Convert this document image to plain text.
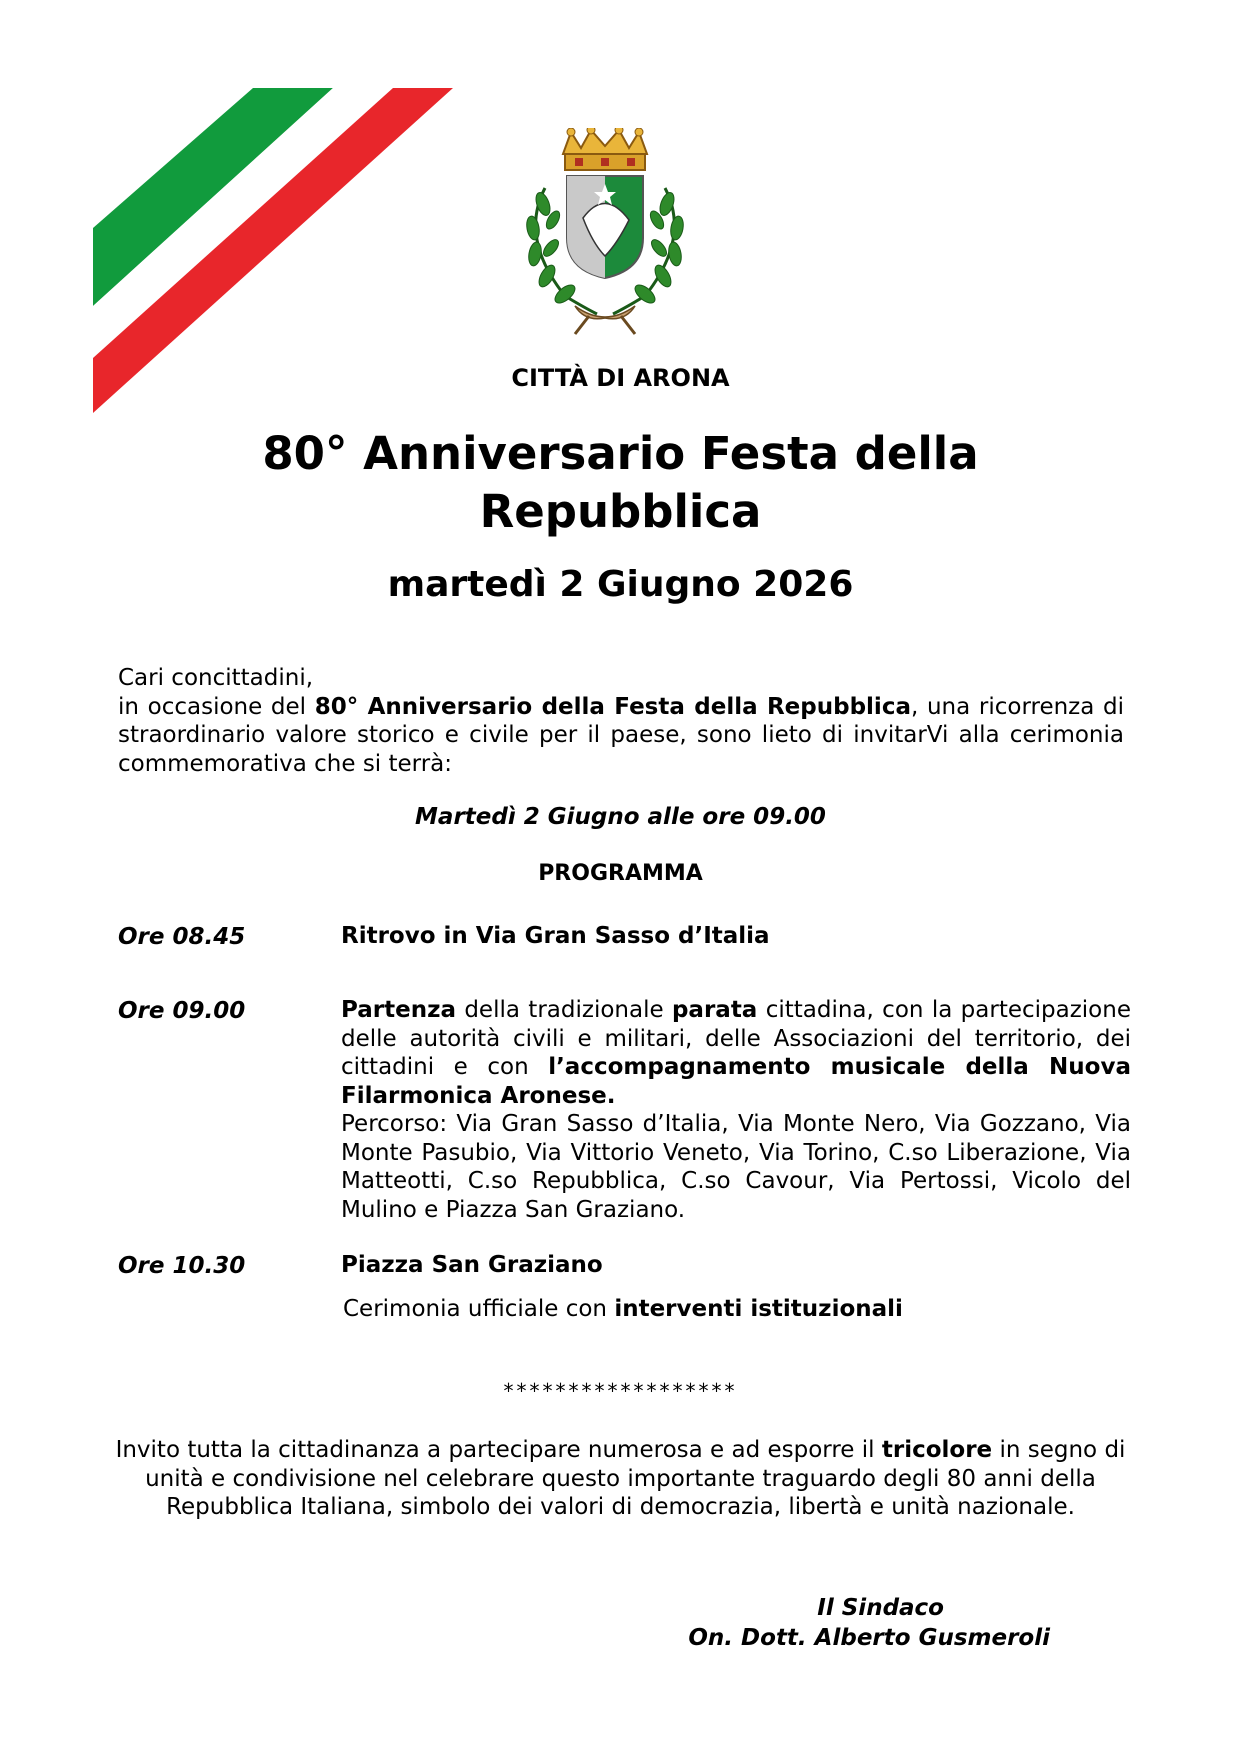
CITTÀ DI ARONA
80° Anniversario Festa della
Repubblica
martedì 2 Giugno 2026
Cari concittadini,
in occasione del 80° Anniversario della Festa della Repubblica, una ricorrenza di straordinario valore storico e civile per il paese, sono lieto di invitarVi alla cerimonia commemorativa che si terrà:
Martedì 2 Giugno alle ore 09.00
PROGRAMMA
Ore 08.45	Ritrovo in Via Gran Sasso d’Italia
Ore 09.00	Partenza della tradizionale parata cittadina, con la partecipazione delle autorità civili e militari, delle Associazioni del territorio, dei cittadini e con l’accompagnamento musicale della Nuova Filarmonica Aronese.
Percorso: Via Gran Sasso d’Italia, Via Monte Nero, Via Gozzano, Via Monte Pasubio, Via Vittorio Veneto, Via Torino, C.so Liberazione, Via Matteotti, C.so Repubblica, C.so Cavour, Via Pertossi, Vicolo del Mulino e Piazza San Graziano.
Ore 10.30	Piazza San Graziano
Cerimonia ufficiale con interventi istituzionali
******************
Invito tutta la cittadinanza a partecipare numerosa e ad esporre il tricolore in segno di unità e condivisione nel celebrare questo importante traguardo degli 80 anni della Repubblica Italiana, simbolo dei valori di democrazia, libertà e unità nazionale.
Il Sindaco
On. Dott. Alberto Gusmeroli
